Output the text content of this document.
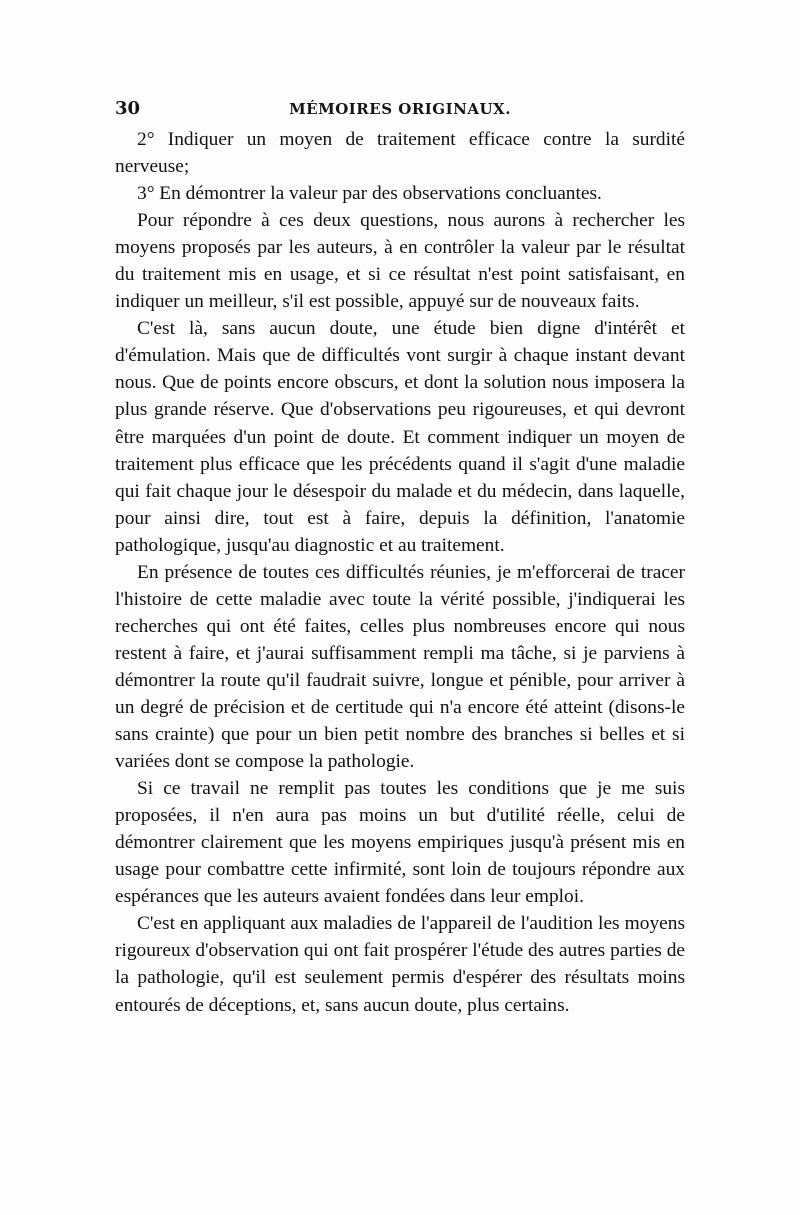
30	MÉMOIRES ORIGINAUX.

2° Indiquer un moyen de traitement efficace contre la surdité nerveuse;

3° En démontrer la valeur par des observations concluantes.

Pour répondre à ces deux questions, nous aurons à rechercher les moyens proposés par les auteurs, à en contrôler la valeur par le résultat du traitement mis en usage, et si ce résultat n'est point satisfaisant, en indiquer un meilleur, s'il est possible, appuyé sur de nouveaux faits.

C'est là, sans aucun doute, une étude bien digne d'intérêt et d'émulation. Mais que de difficultés vont surgir à chaque instant devant nous. Que de points encore obscurs, et dont la solution nous imposera la plus grande réserve. Que d'observations peu rigoureuses, et qui devront être marquées d'un point de doute. Et comment indiquer un moyen de traitement plus efficace que les précédents quand il s'agit d'une maladie qui fait chaque jour le désespoir du malade et du médecin, dans laquelle, pour ainsi dire, tout est à faire, depuis la définition, l'anatomie pathologique, jusqu'au diagnostic et au traitement.

En présence de toutes ces difficultés réunies, je m'efforcerai de tracer l'histoire de cette maladie avec toute la vérité possible, j'indiquerai les recherches qui ont été faites, celles plus nombreuses encore qui nous restent à faire, et j'aurai suffisamment rempli ma tâche, si je parviens à démontrer la route qu'il faudrait suivre, longue et pénible, pour arriver à un degré de précision et de certitude qui n'a encore été atteint (disons-le sans crainte) que pour un bien petit nombre des branches si belles et si variées dont se compose la pathologie.

Si ce travail ne remplit pas toutes les conditions que je me suis proposées, il n'en aura pas moins un but d'utilité réelle, celui de démontrer clairement que les moyens empiriques jusqu'à présent mis en usage pour combattre cette infirmité, sont loin de toujours répondre aux espérances que les auteurs avaient fondées dans leur emploi.

C'est en appliquant aux maladies de l'appareil de l'audition les moyens rigoureux d'observation qui ont fait prospérer l'étude des autres parties de la pathologie, qu'il est seulement permis d'espérer des résultats moins entourés de déceptions, et, sans aucun doute, plus certains.
